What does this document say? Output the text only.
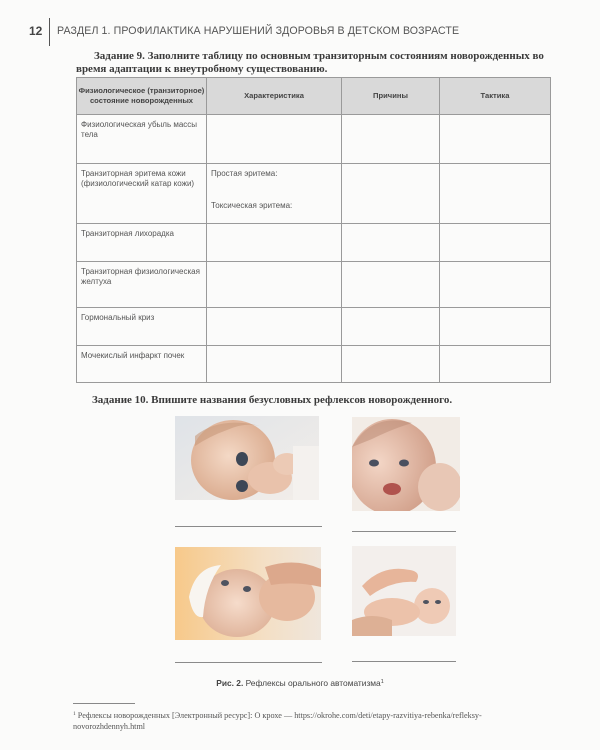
12 РАЗДЕЛ 1. ПРОФИЛАКТИКА НАРУШЕНИЙ ЗДОРОВЬЯ В ДЕТСКОМ ВОЗРАСТЕ
Задание 9. Заполните таблицу по основным транзиторным состояниям новорожденных во время адаптации к внеутробному существованию.
Физиологическое (транзиторное) состояние новорожденных	Характеристика	Причины	Тактика
Физиологическая убыль массы тела			
Транзиторная эритема кожи (физиологический катар кожи)	Простая эритема:
Токсическая эритема:		

Транзиторная лихорадка			
Транзиторная физиологическая желтуха			
Гормональный криз			
Мочекислый инфаркт почек			
Задание 10. Впишите названия безусловных рефлексов новорожденного.
Рис. 2. Рефлексы орального автоматизма$^1$
$^1$ Рефлексы новорожденных [Электронный ресурс]: О крохе — https://okrohe.com/deti/etapy-razvitiya-rebenka/refleksy-novorozhdennyh.html
